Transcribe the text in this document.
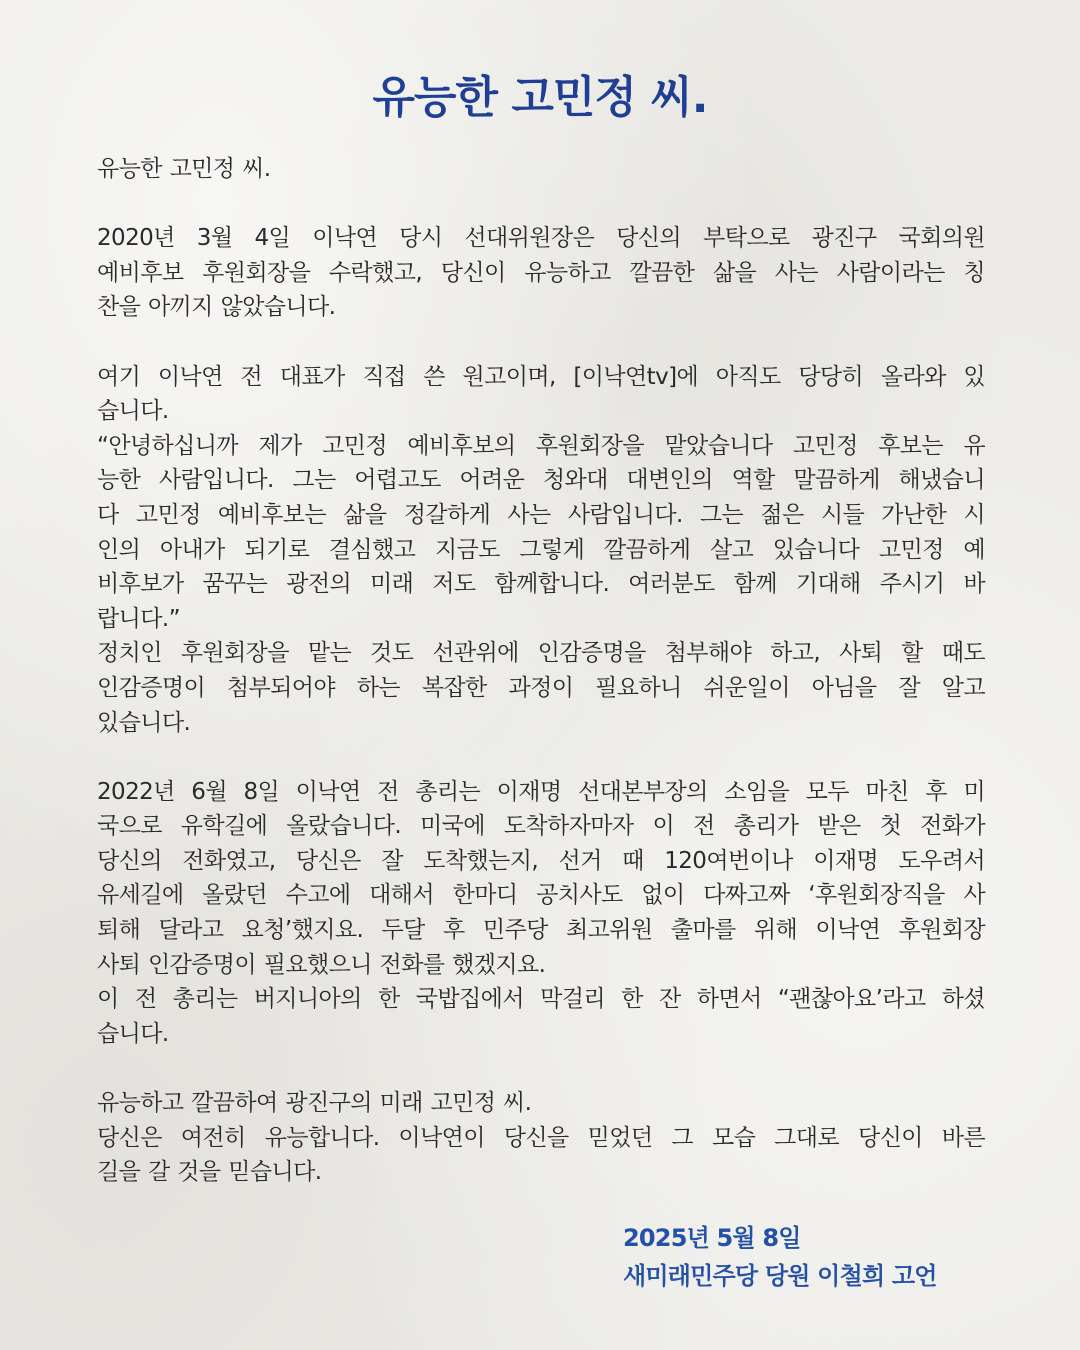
유능한 고민정 씨.
유능한 고민정 씨.
2020년 3월 4일 이낙연 당시 선대위원장은 당신의 부탁으로 광진구 국회의원
예비후보 후원회장을 수락했고, 당신이 유능하고 깔끔한 삶을 사는 사람이라는 칭
찬을 아끼지 않았습니다.
여기 이낙연 전 대표가 직접 쓴 원고이며, [이낙연tv]에 아직도 당당히 올라와 있
습니다.
“안녕하십니까 제가 고민정 예비후보의 후원회장을 맡았습니다 고민정 후보는 유
능한 사람입니다. 그는 어렵고도 어려운 청와대 대변인의 역할 말끔하게 해냈습니
다 고민정 예비후보는 삶을 정갈하게 사는 사람입니다. 그는 젊은 시들 가난한 시
인의 아내가 되기로 결심했고 지금도 그렇게 깔끔하게 살고 있습니다 고민정 예
비후보가 꿈꾸는 광전의 미래 저도 함께합니다. 여러분도 함께 기대해 주시기 바
랍니다.”
정치인 후원회장을 맡는 것도 선관위에 인감증명을 첨부해야 하고, 사퇴 할 때도
인감증명이 첨부되어야 하는 복잡한 과정이 필요하니 쉬운일이 아님을 잘 알고
있습니다.
2022년 6월 8일 이낙연 전 총리는 이재명 선대본부장의 소임을 모두 마친 후 미
국으로 유학길에 올랐습니다. 미국에 도착하자마자 이 전 총리가 받은 첫 전화가
당신의 전화였고, 당신은 잘 도착했는지, 선거 때 120여번이나 이재명 도우려서
유세길에 올랐던 수고에 대해서 한마디 공치사도 없이 다짜고짜 ‘후원회장직을 사
퇴해 달라고 요청’했지요. 두달 후 민주당 최고위원 출마를 위해 이낙연 후원회장
사퇴 인감증명이 필요했으니 전화를 했겠지요.
이 전 총리는 버지니아의 한 국밥집에서 막걸리 한 잔 하면서 “괜찮아요’라고 하셨
습니다.
유능하고 깔끔하여 광진구의 미래 고민정 씨.
당신은 여전히 유능합니다. 이낙연이 당신을 믿었던 그 모습 그대로 당신이 바른
길을 갈 것을 믿습니다.
2025년 5월 8일
새미래민주당 당원 이철희 고언
